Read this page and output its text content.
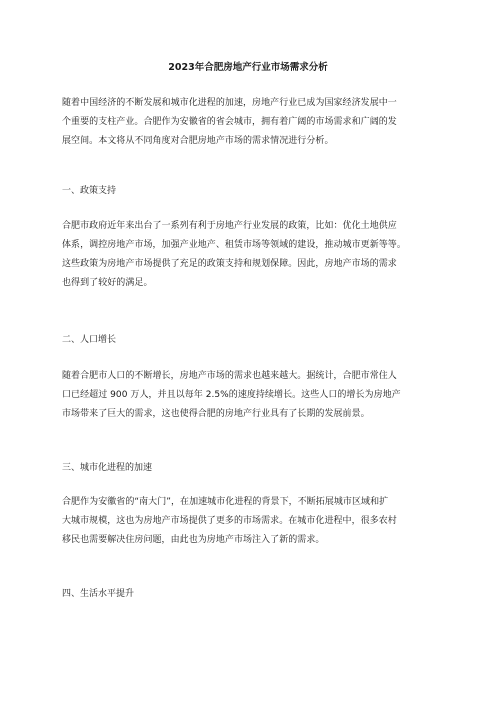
2023年合肥房地产行业市场需求分析
随着中国经济的不断发展和城市化进程的加速，房地产行业已成为国家经济发展中一
个重要的支柱产业。合肥作为安徽省的省会城市，拥有着广阔的市场需求和广阔的发
展空间。本文将从不同角度对合肥房地产市场的需求情况进行分析。
一、政策支持
合肥市政府近年来出台了一系列有利于房地产行业发展的政策，比如：优化土地供应
体系，调控房地产市场，加强产业地产、租赁市场等领域的建设，推动城市更新等等。
这些政策为房地产市场提供了充足的政策支持和规划保障。因此，房地产市场的需求
也得到了较好的满足。
二、人口增长
随着合肥市人口的不断增长，房地产市场的需求也越来越大。据统计，合肥市常住人
口已经超过 900 万人，并且以每年 2.5%的速度持续增长。这些人口的增长为房地产
市场带来了巨大的需求，这也使得合肥的房地产行业具有了长期的发展前景。
三、城市化进程的加速
合肥作为安徽省的“南大门”，在加速城市化进程的背景下，不断拓展城市区域和扩
大城市规模，这也为房地产市场提供了更多的市场需求。在城市化进程中，很多农村
移民也需要解决住房问题，由此也为房地产市场注入了新的需求。
四、生活水平提升
